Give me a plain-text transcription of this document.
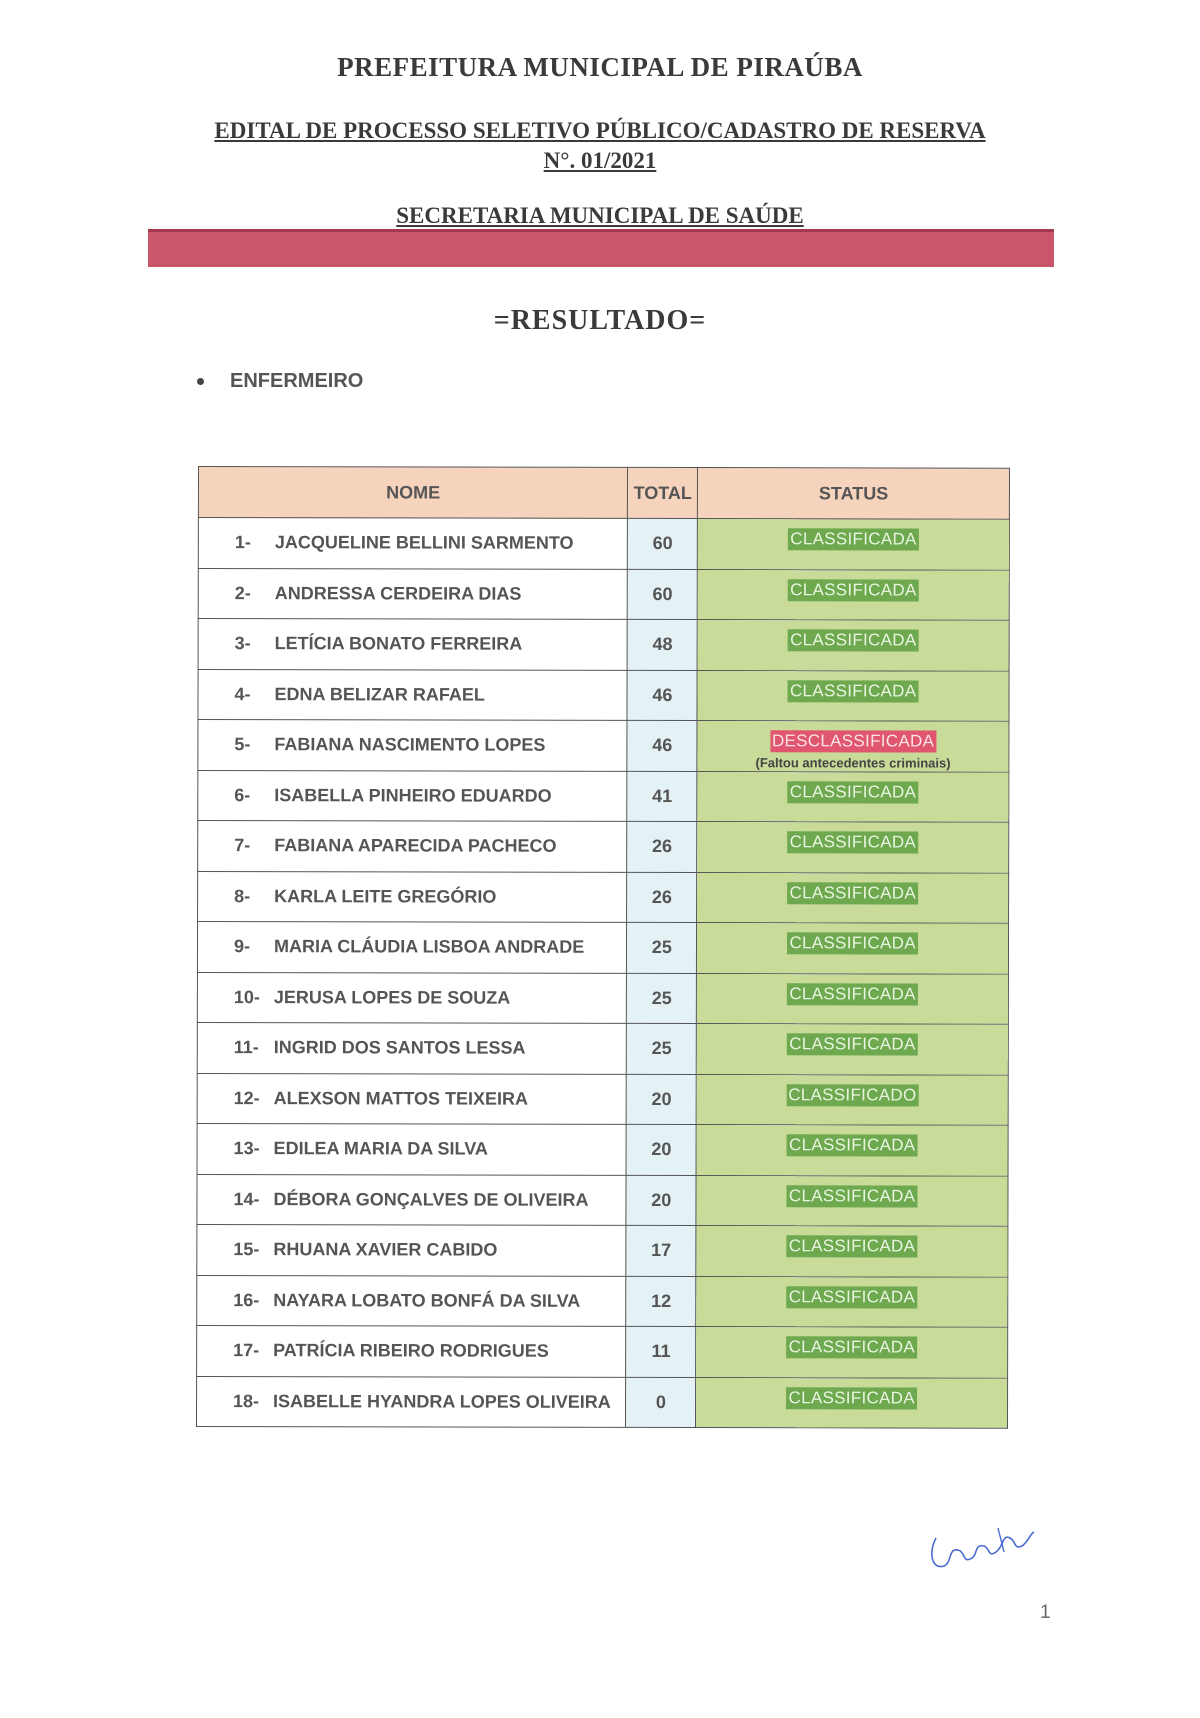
PREFEITURA MUNICIPAL DE PIRAÚBA
EDITAL DE PROCESSO SELETIVO PÚBLICO/CADASTRO DE RESERVA
N°. 01/2021
SECRETARIA MUNICIPAL DE SAÚDE
=RESULTADO=
ENFERMEIRO
NOME	TOTAL	STATUS
1- JACQUELINE BELLINI SARMENTO	60	CLASSIFICADA
2- ANDRESSA CERDEIRA DIAS	60	CLASSIFICADA
3- LETÍCIA BONATO FERREIRA	48	CLASSIFICADA
4- EDNA BELIZAR RAFAEL	46	CLASSIFICADA
5- FABIANA NASCIMENTO LOPES	46	DESCLASSIFICADA
(Faltou antecedentes criminais)

6- ISABELLA PINHEIRO EDUARDO	41	CLASSIFICADA
7- FABIANA APARECIDA PACHECO	26	CLASSIFICADA
8- KARLA LEITE GREGÓRIO	26	CLASSIFICADA
9- MARIA CLÁUDIA LISBOA ANDRADE	25	CLASSIFICADA
10- JERUSA LOPES DE SOUZA	25	CLASSIFICADA
11- INGRID DOS SANTOS LESSA	25	CLASSIFICADA
12- ALEXSON MATTOS TEIXEIRA	20	CLASSIFICADO
13- EDILEA MARIA DA SILVA	20	CLASSIFICADA
14- DÉBORA GONÇALVES DE OLIVEIRA	20	CLASSIFICADA
15- RHUANA XAVIER CABIDO	17	CLASSIFICADA
16- NAYARA LOBATO BONFÁ DA SILVA	12	CLASSIFICADA
17- PATRÍCIA RIBEIRO RODRIGUES	11	CLASSIFICADA
18- ISABELLE HYANDRA LOPES OLIVEIRA	0	CLASSIFICADA
1
